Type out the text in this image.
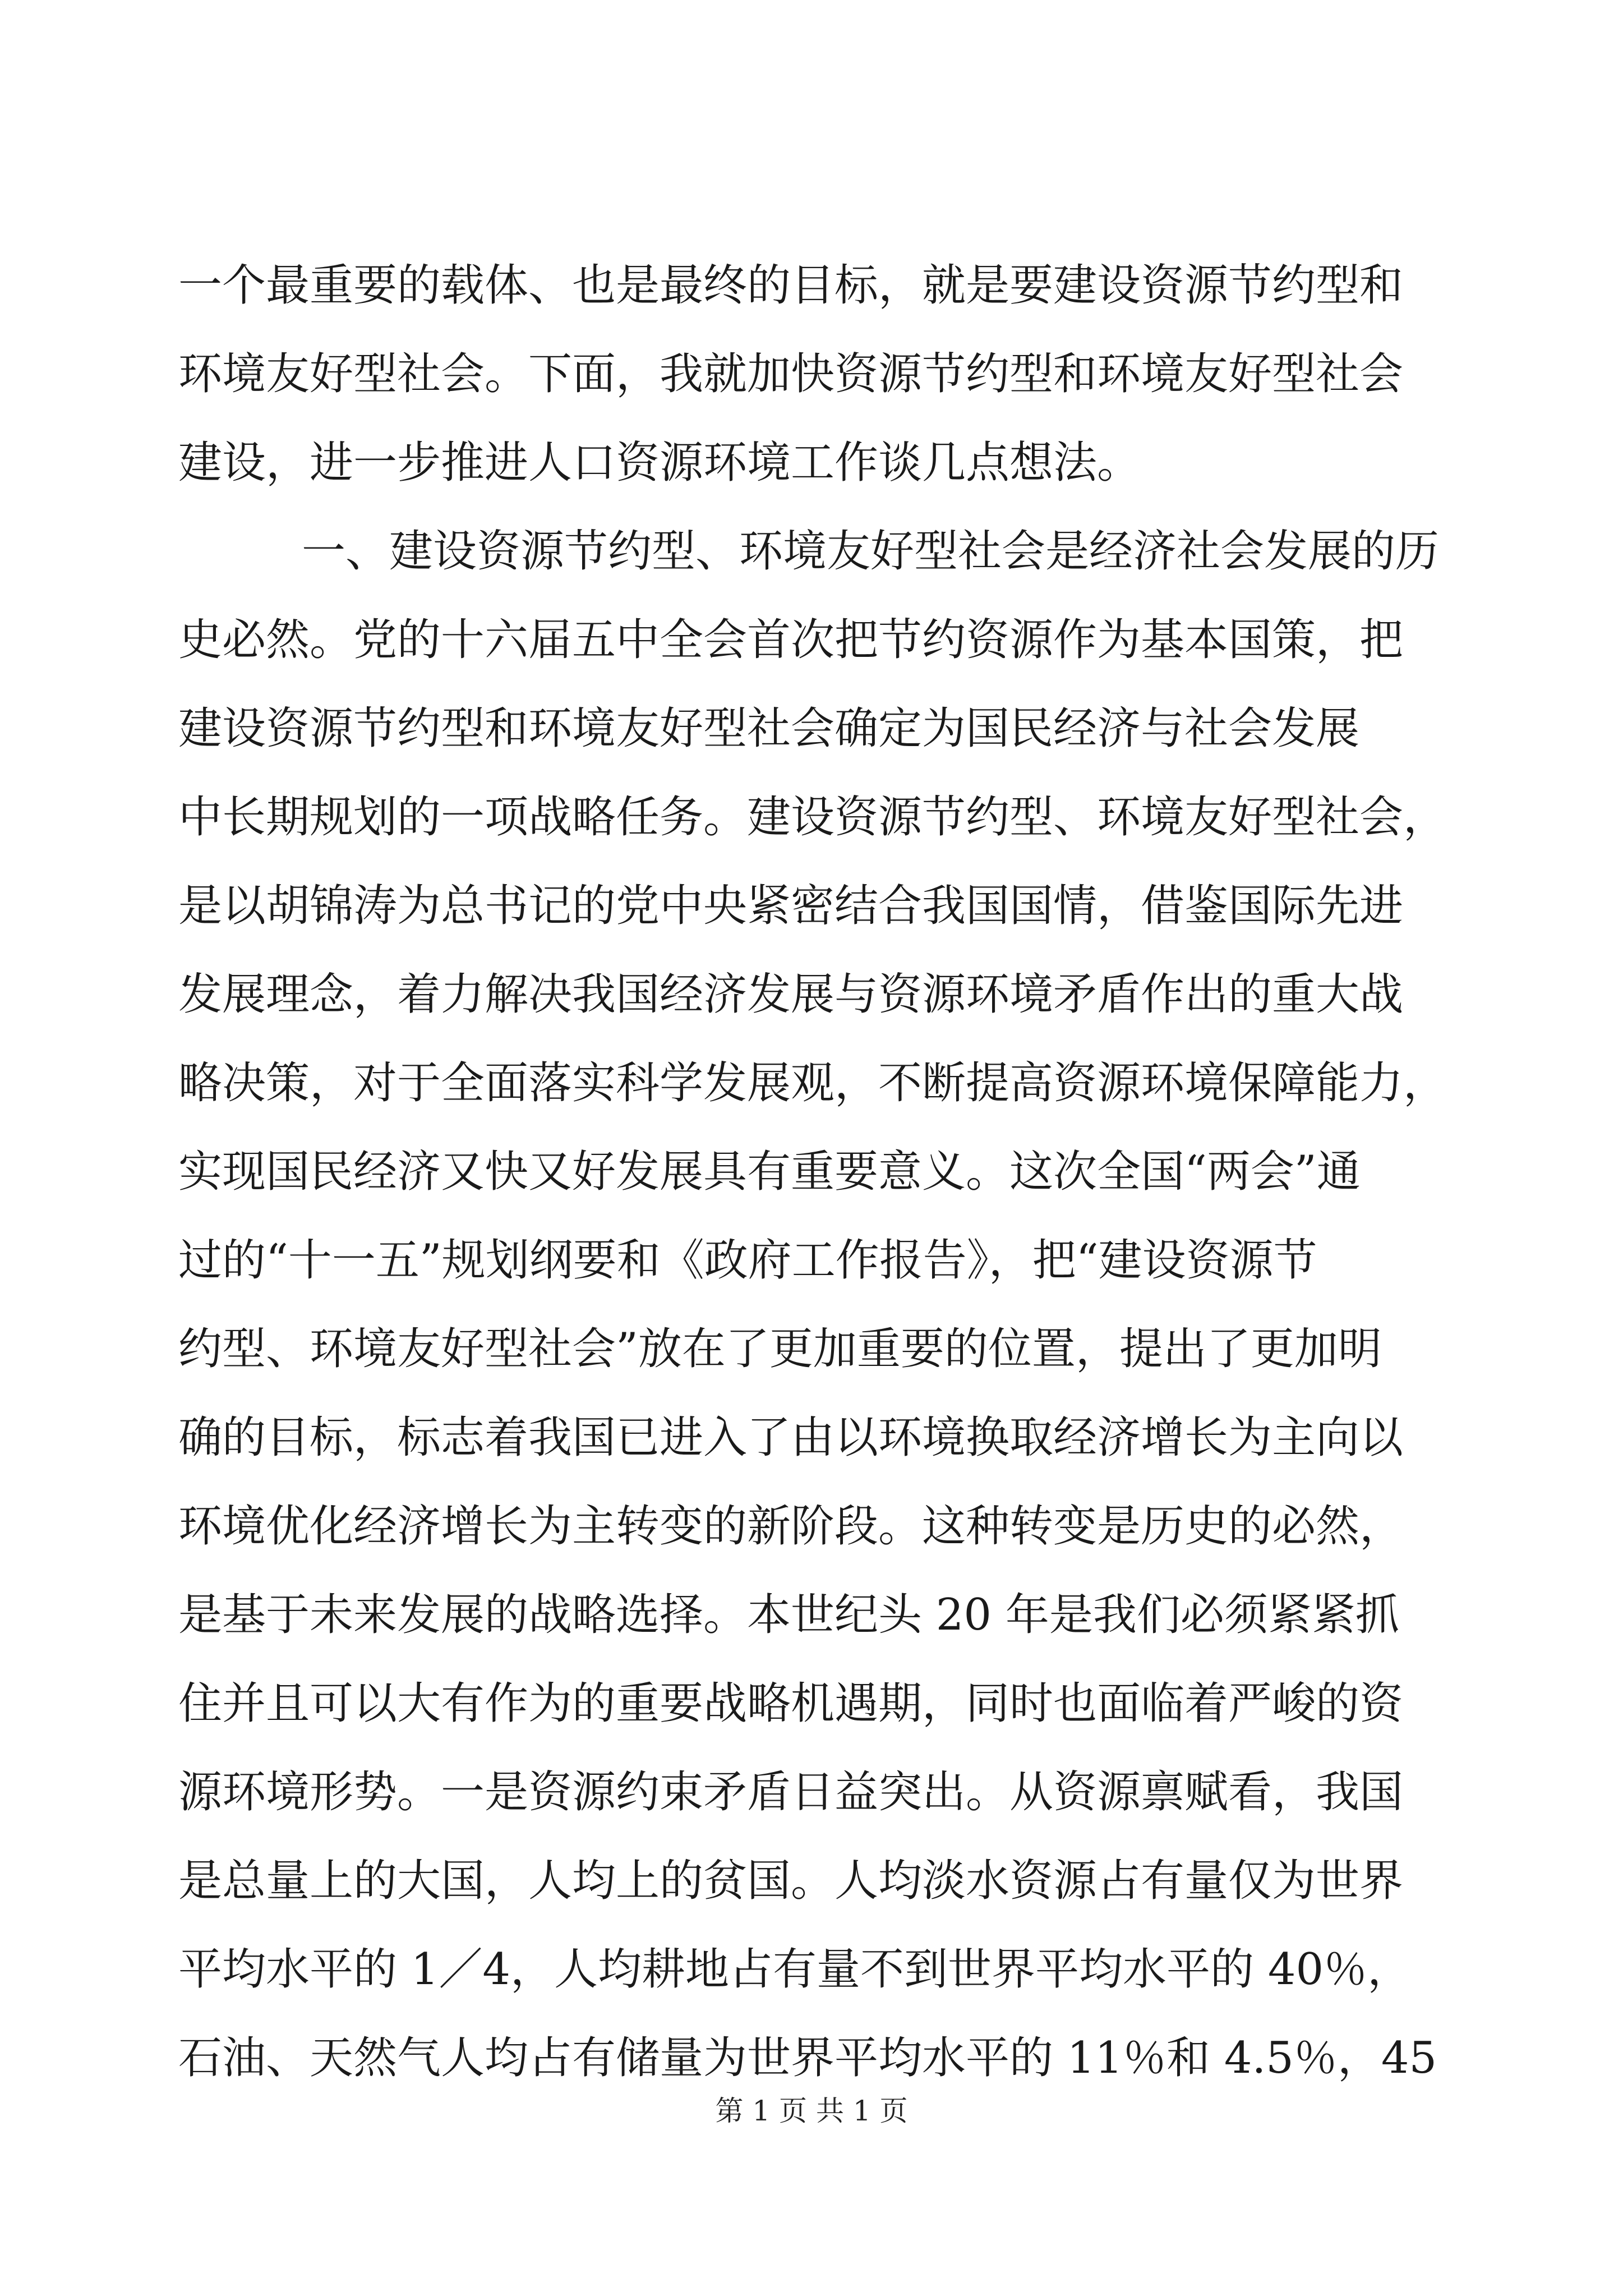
一个最重要的载体、也是最终的目标，就是要建设资源节约型和
环境友好型社会。下面，我就加快资源节约型和环境友好型社会
建设，进一步推进人口资源环境工作谈几点想法。
一、建设资源节约型、环境友好型社会是经济社会发展的历
史必然。党的十六届五中全会首次把节约资源作为基本国策，把
建设资源节约型和环境友好型社会确定为国民经济与社会发展
中长期规划的一项战略任务。建设资源节约型、环境友好型社会，
是以胡锦涛为总书记的党中央紧密结合我国国情，借鉴国际先进
发展理念，着力解决我国经济发展与资源环境矛盾作出的重大战
略决策，对于全面落实科学发展观，不断提高资源环境保障能力，
实现国民经济又快又好发展具有重要意义。这次全国“两会”通
过的“十一五”规划纲要和《政府工作报告》，把“建设资源节
约型、环境友好型社会”放在了更加重要的位置，提出了更加明
确的目标，标志着我国已进入了由以环境换取经济增长为主向以
环境优化经济增长为主转变的新阶段。这种转变是历史的必然，
是基于未来发展的战略选择。本世纪头 20 年是我们必须紧紧抓
住并且可以大有作为的重要战略机遇期，同时也面临着严峻的资
源环境形势。一是资源约束矛盾日益突出。从资源禀赋看，我国
是总量上的大国，人均上的贫国。人均淡水资源占有量仅为世界
平均水平的 1／4，人均耕地占有量不到世界平均水平的 40％，
石油、天然气人均占有储量为世界平均水平的 11％和 4.5％，45
第 1 页 共 1 页
